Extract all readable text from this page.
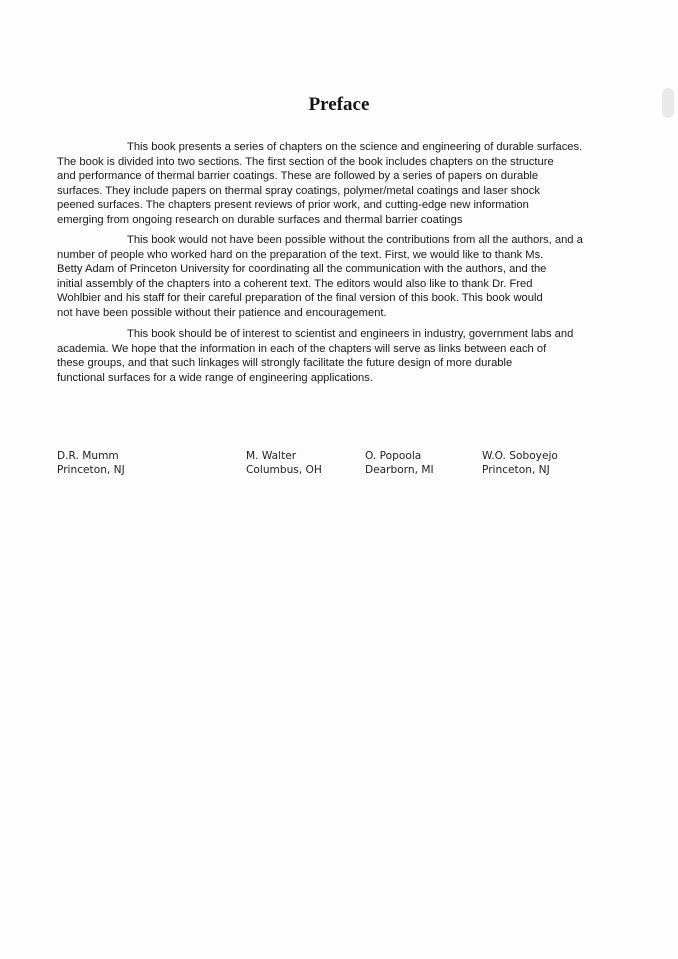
Preface

This book presents a series of chapters on the science and engineering of durable surfaces.
The book is divided into two sections. The first section of the book includes chapters on the structure
and performance of thermal barrier coatings. These are followed by a series of papers on durable
surfaces. They include papers on thermal spray coatings, polymer/metal coatings and laser shock
peened surfaces. The chapters present reviews of prior work, and cutting-edge new information
emerging from ongoing research on durable surfaces and thermal barrier coatings

This book would not have been possible without the contributions from all the authors, and a
number of people who worked hard on the preparation of the text. First, we would like to thank Ms.
Betty Adam of Princeton University for coordinating all the communication with the authors, and the
initial assembly of the chapters into a coherent text. The editors would also like to thank Dr. Fred
Wohlbier and his staff for their careful preparation of the final version of this book. This book would
not have been possible without their patience and encouragement.

This book should be of interest to scientist and engineers in industry, government labs and
academia. We hope that the information in each of the chapters will serve as links between each of
these groups, and that such linkages will strongly facilitate the future design of more durable
functional surfaces for a wide range of engineering applications.

D.R. Mumm
Princeton, NJ
M. Walter
Columbus, OH
O. Popoola
Dearborn, MI
W.O. Soboyejo
Princeton, NJ
